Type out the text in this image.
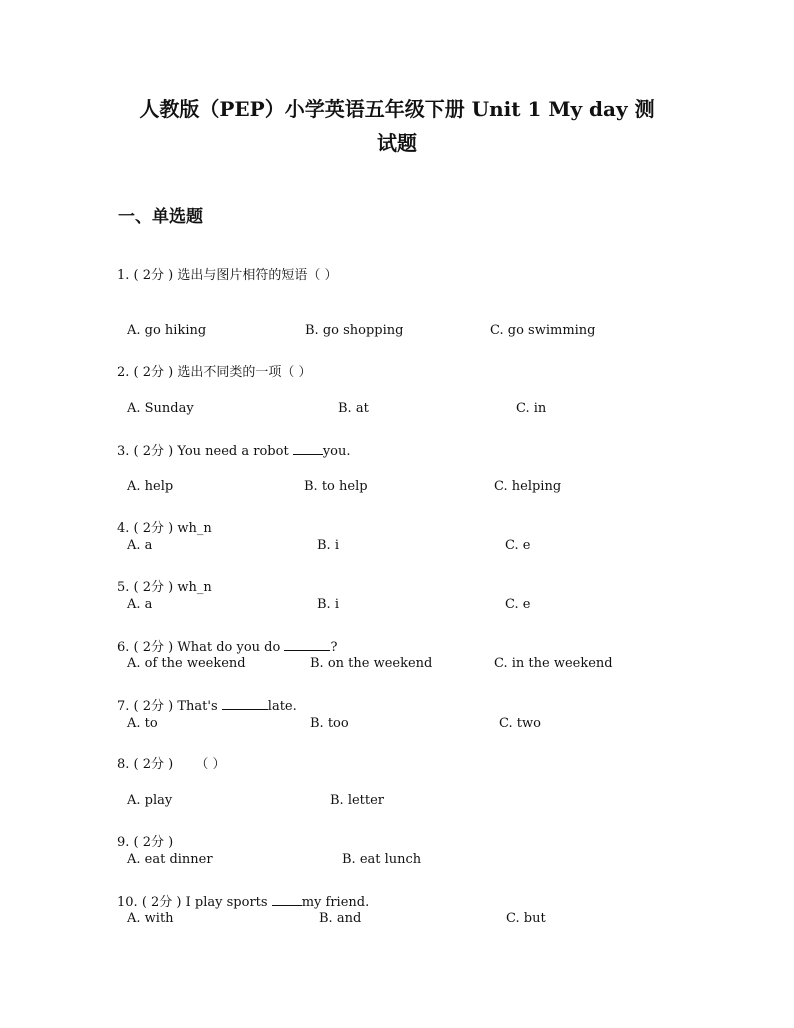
人教版（PEP）小学英语五年级下册 Unit 1 My day 测
试题
一、单选题
1. ( 2分 ) 选出与图片相符的短语（ ）
A. go hiking	B. go shopping	C. go swimming
2. ( 2分 ) 选出不同类的一项（ ）
A. Sunday	B. at	C. in
3. ( 2分 ) You need a robot you.
A. help	B. to help	C. helping
4. ( 2分 ) wh_n
A. a	B. i	C. e
5. ( 2分 ) wh_n
A. a	B. i	C. e
6. ( 2分 ) What do you do	?
A. of the weekend	B. on the weekend	C. in the weekend
7. ( 2分 ) That's	late.
A. to	B. too	C. two
8. ( 2分 ) （ ）
A. play	B. letter
9. ( 2分 )
A. eat dinner	B. eat lunch
10. ( 2分 ) I play sports my friend.
A. with	B. and	C. but
